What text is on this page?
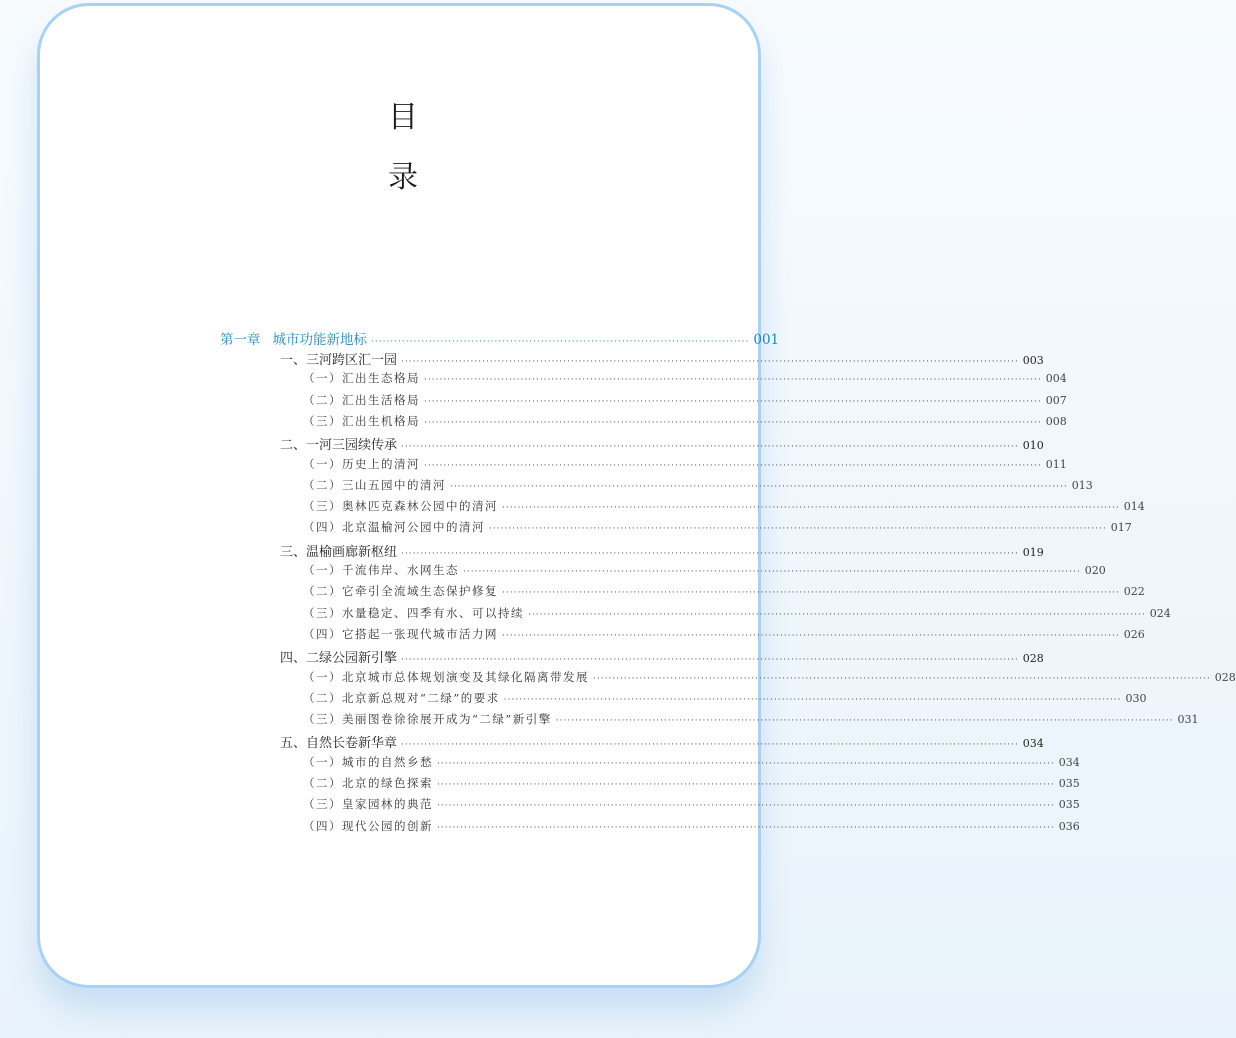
目
录
第一章 城市功能新地标 ·································································································· 001
一、三河跨区汇一园 ································································································································································ 003
（一）汇出生态格局 ································································································································································ 004
（二）汇出生活格局 ································································································································································ 007
（三）汇出生机格局 ································································································································································ 008
二、一河三园续传承 ································································································································································ 010
（一）历史上的清河 ································································································································································ 011
（二）三山五园中的清河 ································································································································································ 013
（三）奥林匹克森林公园中的清河 ································································································································································ 014
（四）北京温榆河公园中的清河 ································································································································································ 017
三、温榆画廊新枢纽 ································································································································································ 019
（一）千流伟岸、水网生态 ································································································································································ 020
（二）它牵引全流域生态保护修复 ································································································································································ 022
（三）水量稳定、四季有水、可以持续 ································································································································································ 024
（四）它搭起一张现代城市活力网 ································································································································································ 026
四、二绿公园新引擎 ································································································································································ 028
（一）北京城市总体规划演变及其绿化隔离带发展 ································································································································································ 028
（二）北京新总规对“二绿”的要求 ································································································································································ 030
（三）美丽图卷徐徐展开成为“二绿”新引擎 ································································································································································ 031
五、自然长卷新华章 ································································································································································ 034
（一）城市的自然乡愁 ································································································································································ 034
（二）北京的绿色探索 ································································································································································ 035
（三）皇家园林的典范 ································································································································································ 035
（四）现代公园的创新 ································································································································································ 036
